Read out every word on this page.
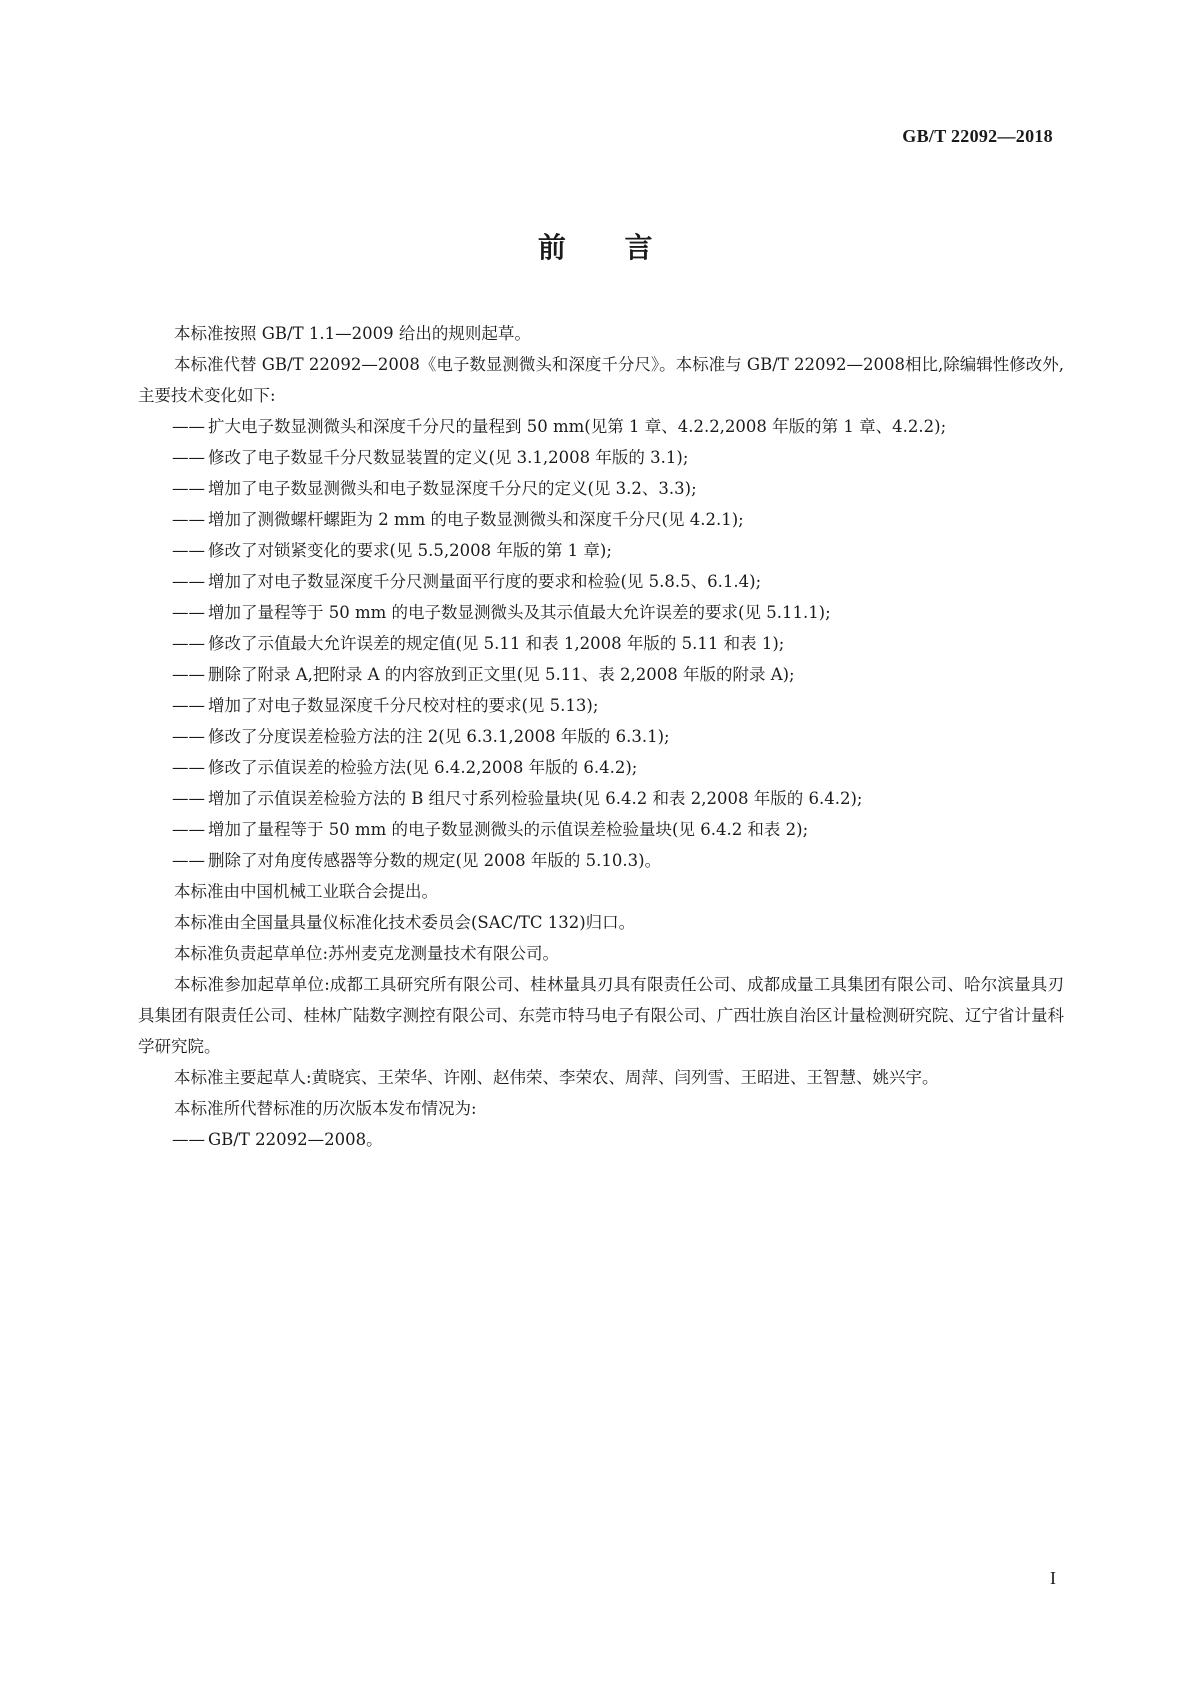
GB/T 22092—2018
前 言

本标准按照 GB/T 1.1—2009 给出的规则起草。

本标准代替 GB/T 22092—2008《电子数显测微头和深度千分尺》。本标准与 GB/T 22092—2008相比,除编辑性修改外,主要技术变化如下:

—— 扩大电子数显测微头和深度千分尺的量程到 50 mm(见第 1 章、4.2.2,2008 年版的第 1 章、4.2.2);
—— 修改了电子数显千分尺数显装置的定义(见 3.1,2008 年版的 3.1);
—— 增加了电子数显测微头和电子数显深度千分尺的定义(见 3.2、3.3);
—— 增加了测微螺杆螺距为 2 mm 的电子数显测微头和深度千分尺(见 4.2.1);
—— 修改了对锁紧变化的要求(见 5.5,2008 年版的第 1 章);
—— 增加了对电子数显深度千分尺测量面平行度的要求和检验(见 5.8.5、6.1.4);
—— 增加了量程等于 50 mm 的电子数显测微头及其示值最大允许误差的要求(见 5.11.1);
—— 修改了示值最大允许误差的规定值(见 5.11 和表 1,2008 年版的 5.11 和表 1);
—— 删除了附录 A,把附录 A 的内容放到正文里(见 5.11、表 2,2008 年版的附录 A);
—— 增加了对电子数显深度千分尺校对柱的要求(见 5.13);
—— 修改了分度误差检验方法的注 2(见 6.3.1,2008 年版的 6.3.1);
—— 修改了示值误差的检验方法(见 6.4.2,2008 年版的 6.4.2);
—— 增加了示值误差检验方法的 B 组尺寸系列检验量块(见 6.4.2 和表 2,2008 年版的 6.4.2);
—— 增加了量程等于 50 mm 的电子数显测微头的示值误差检验量块(见 6.4.2 和表 2);
—— 删除了对角度传感器等分数的规定(见 2008 年版的 5.10.3)。

本标准由中国机械工业联合会提出。

本标准由全国量具量仪标准化技术委员会(SAC/TC 132)归口。

本标准负责起草单位:苏州麦克龙测量技术有限公司。

本标准参加起草单位:成都工具研究所有限公司、桂林量具刃具有限责任公司、成都成量工具集团有限公司、哈尔滨量具刃具集团有限责任公司、桂林广陆数字测控有限公司、东莞市特马电子有限公司、广西壮族自治区计量检测研究院、辽宁省计量科学研究院。

本标准主要起草人:黄晓宾、王荣华、许刚、赵伟荣、李荣农、周萍、闫列雪、王昭进、王智慧、姚兴宇。

本标准所代替标准的历次版本发布情况为:

—— GB/T 22092—2008。
I
